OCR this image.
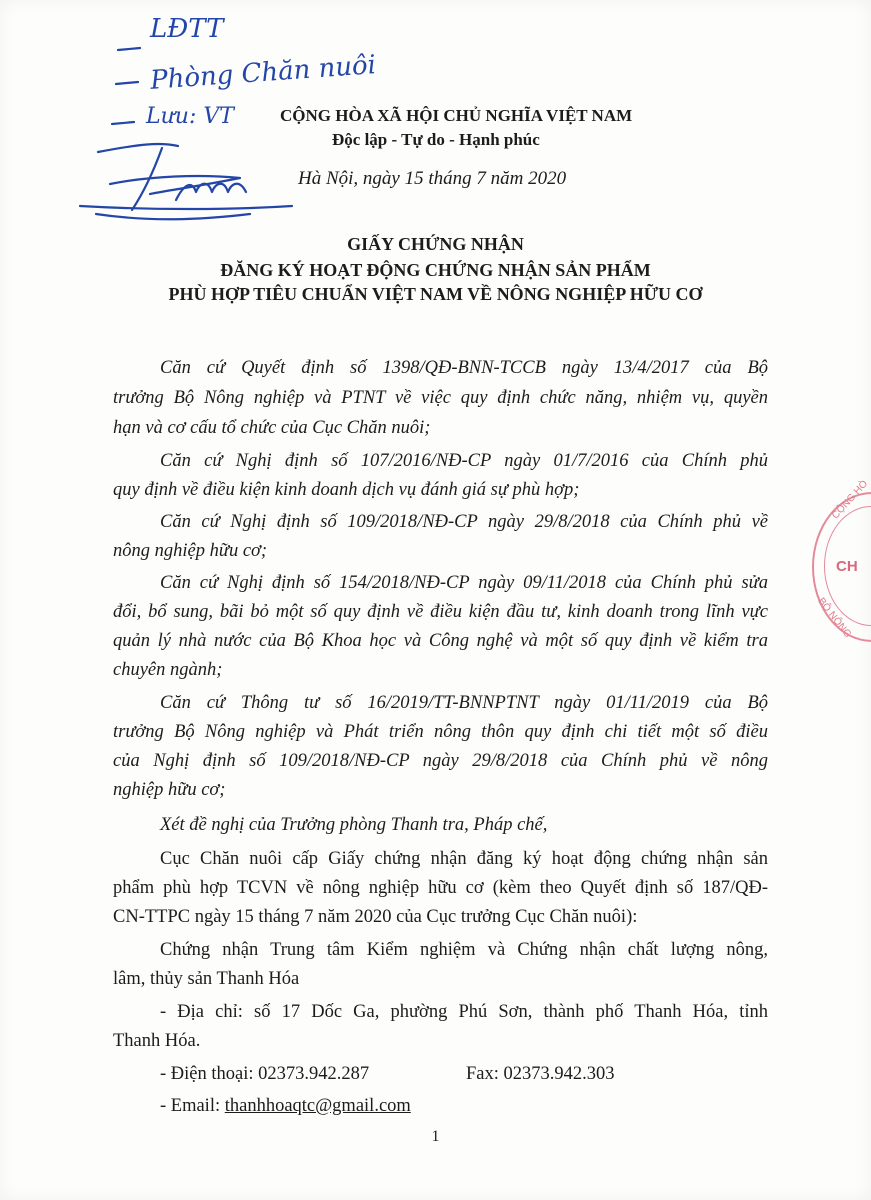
LĐTT
Phòng Chăn nuôi
Lưu: VT	CỘNG HÒA XÃ HỘI CHỦ NGHĨA VIỆT NAM
Độc lập - Tự do - Hạnh phúc
Hà Nội, ngày 15 tháng 7 năm 2020
GIẤY CHỨNG NHẬN
ĐĂNG KÝ HOẠT ĐỘNG CHỨNG NHẬN SẢN PHẨM
PHÙ HỢP TIÊU CHUẨN VIỆT NAM VỀ NÔNG NGHIỆP HỮU CƠ
Căn cứ Quyết định số 1398/QĐ-BNN-TCCB ngày 13/4/2017 của Bộ
trưởng Bộ Nông nghiệp và PTNT về việc quy định chức năng, nhiệm vụ, quyền
hạn và cơ cấu tổ chức của Cục Chăn nuôi;
Căn cứ Nghị định số 107/2016/NĐ-CP ngày 01/7/2016 của Chính phủ
quy định về điều kiện kinh doanh dịch vụ đánh giá sự phù hợp;
Căn cứ Nghị định số 109/2018/NĐ-CP ngày 29/8/2018 của Chính phủ về
nông nghiệp hữu cơ;
Căn cứ Nghị định số 154/2018/NĐ-CP ngày 09/11/2018 của Chính phủ sửa
đổi, bổ sung, bãi bỏ một số quy định về điều kiện đầu tư, kinh doanh trong lĩnh vực
quản lý nhà nước của Bộ Khoa học và Công nghệ và một số quy định về kiểm tra
chuyên ngành;
Căn cứ Thông tư số 16/2019/TT-BNNPTNT ngày 01/11/2019 của Bộ
trưởng Bộ Nông nghiệp và Phát triển nông thôn quy định chi tiết một số điều
của Nghị định số 109/2018/NĐ-CP ngày 29/8/2018 của Chính phủ về nông
nghiệp hữu cơ;
Xét đề nghị của Trưởng phòng Thanh tra, Pháp chế,
Cục Chăn nuôi cấp Giấy chứng nhận đăng ký hoạt động chứng nhận sản
phẩm phù hợp TCVN về nông nghiệp hữu cơ (kèm theo Quyết định số 187/QĐ-
CN-TTPC ngày 15 tháng 7 năm 2020 của Cục trưởng Cục Chăn nuôi):
Chứng nhận Trung tâm Kiểm nghiệm và Chứng nhận chất lượng nông,
lâm, thủy sản Thanh Hóa
- Địa chỉ: số 17 Dốc Ga, phường Phú Sơn, thành phố Thanh Hóa, tỉnh
Thanh Hóa.
- Điện thoại: 02373.942.287	Fax: 02373.942.303
- Email: thanhhoaqtc@gmail.com
1
CỘNG HÒ
CH
BỘ NÔNG
